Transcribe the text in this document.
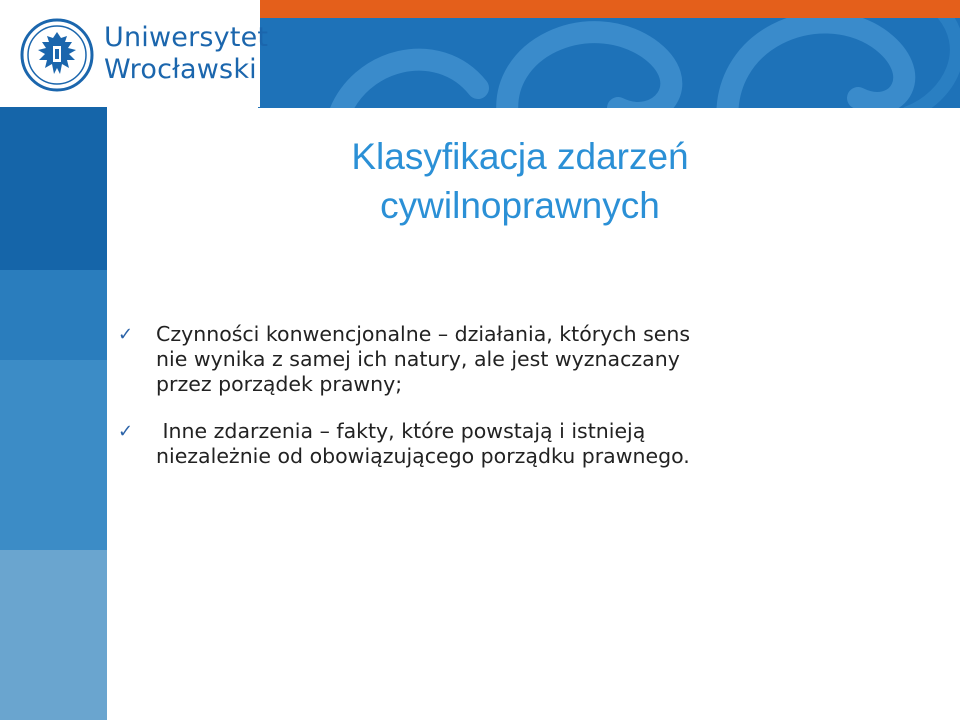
Uniwersytet
Wrocławski
Klasyfikacja zdarzeń
cywilnoprawnych
✓ Czynności konwencjonalne – działania, których sens
nie wynika z samej ich natury, ale jest wyznaczany
przez porządek prawny;
✓ Inne zdarzenia – fakty, które powstają i istnieją
niezależnie od obowiązującego porządku prawnego.
